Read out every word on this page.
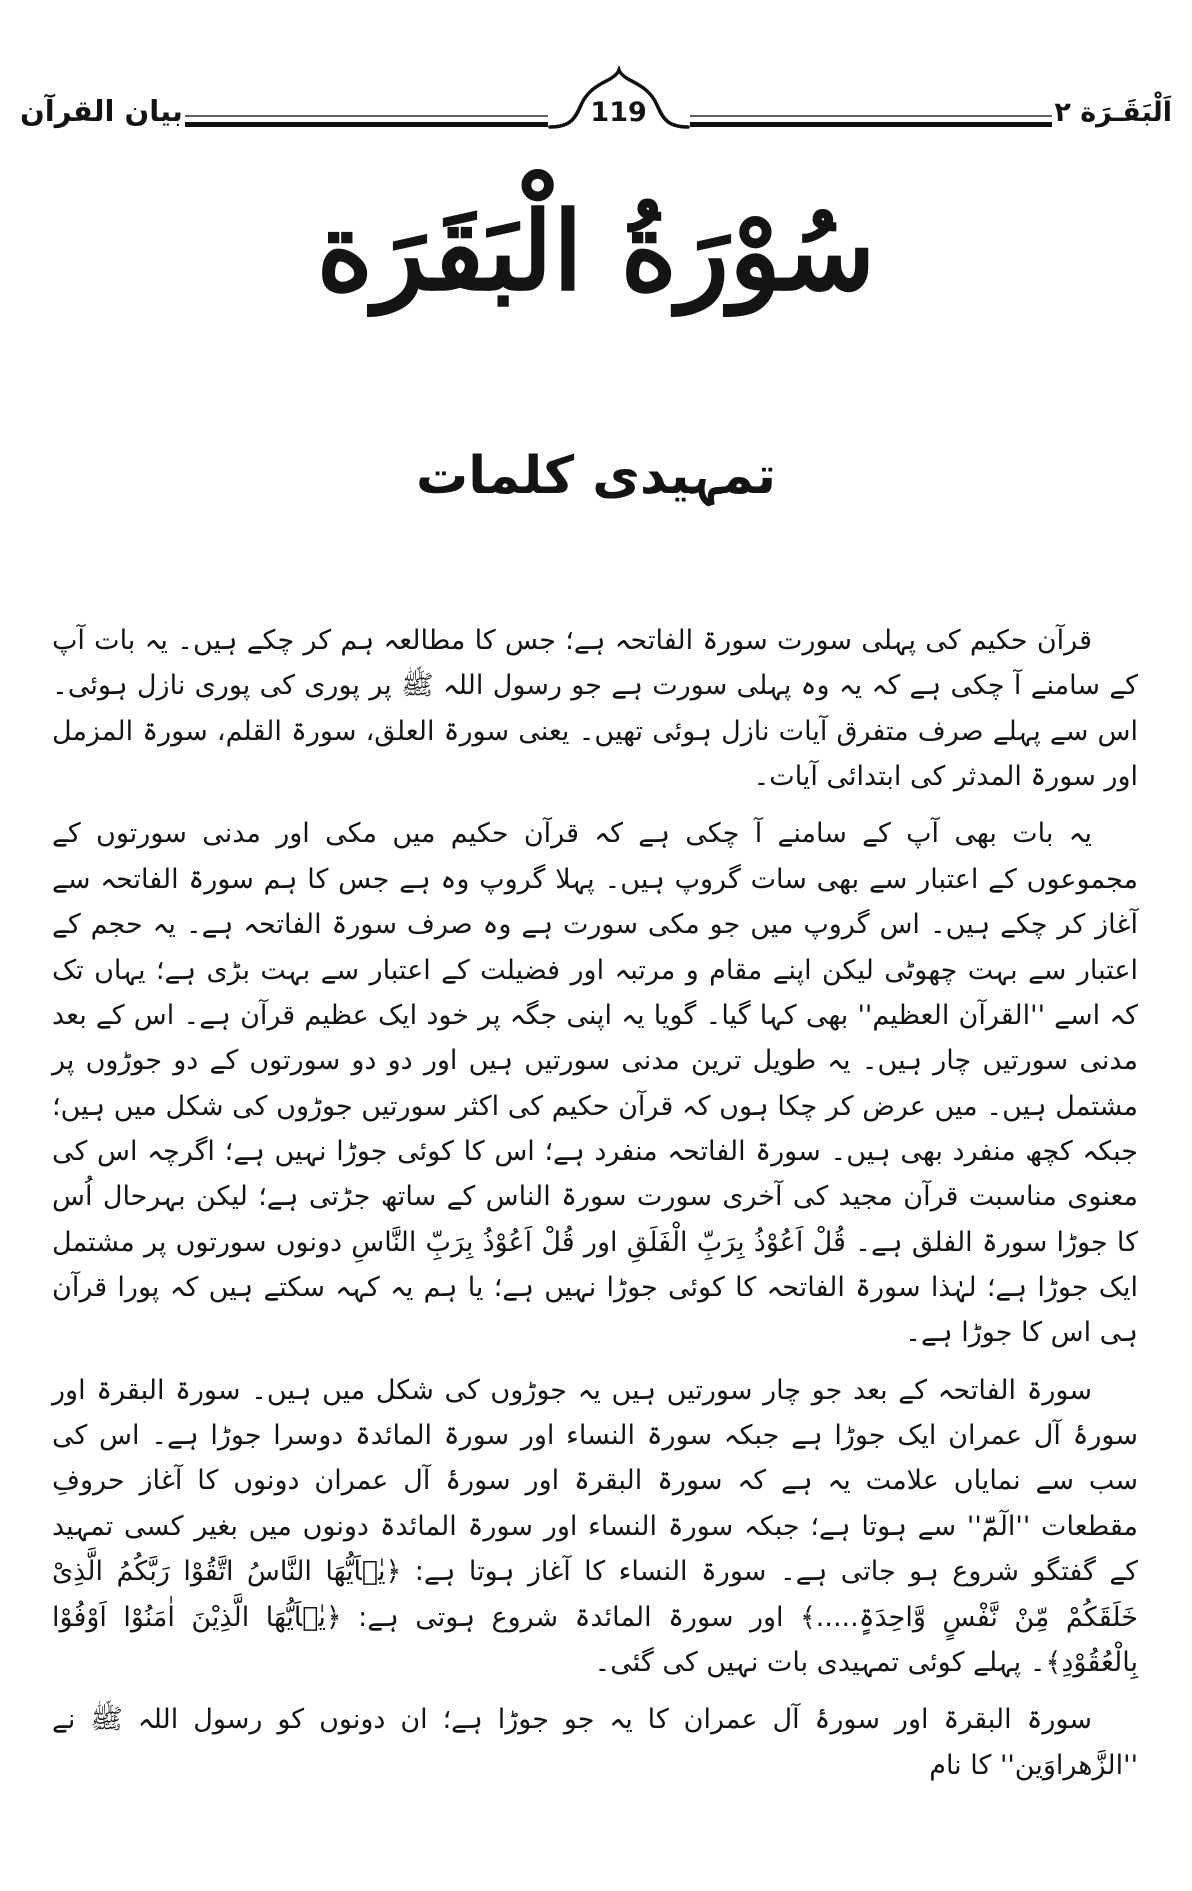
بیان القرآن	119	اَلْبَقَـرَة ٢
سُوْرَةُ الْبَقَرَة
تمہیدی کلمات

قرآن حکیم کی پہلی سورت سورۃ الفاتحہ ہے؛ جس کا مطالعہ ہم کر چکے ہیں۔ یہ بات آپ کے سامنے آ چکی ہے کہ یہ وہ پہلی سورت ہے جو رسول اللہ ﷺ پر پوری کی پوری نازل ہوئی۔ اس سے پہلے صرف متفرق آیات نازل ہوئی تھیں۔ یعنی سورۃ العلق، سورۃ القلم، سورۃ المزمل اور سورۃ المدثر کی ابتدائی آیات۔

یہ بات بھی آپ کے سامنے آ چکی ہے کہ قرآن حکیم میں مکی اور مدنی سورتوں کے مجموعوں کے اعتبار سے بھی سات گروپ ہیں۔ پہلا گروپ وہ ہے جس کا ہم سورۃ الفاتحہ سے آغاز کر چکے ہیں۔ اس گروپ میں جو مکی سورت ہے وہ صرف سورۃ الفاتحہ ہے۔ یہ حجم کے اعتبار سے بہت چھوٹی لیکن اپنے مقام و مرتبہ اور فضیلت کے اعتبار سے بہت بڑی ہے؛ یہاں تک کہ اسے ''القرآن العظیم'' بھی کہا گیا۔ گویا یہ اپنی جگہ پر خود ایک عظیم قرآن ہے۔ اس کے بعد مدنی سورتیں چار ہیں۔ یہ طویل ترین مدنی سورتیں ہیں اور دو دو سورتوں کے دو جوڑوں پر مشتمل ہیں۔ میں عرض کر چکا ہوں کہ قرآن حکیم کی اکثر سورتیں جوڑوں کی شکل میں ہیں؛ جبکہ کچھ منفرد بھی ہیں۔ سورۃ الفاتحہ منفرد ہے؛ اس کا کوئی جوڑا نہیں ہے؛ اگرچہ اس کی معنوی مناسبت قرآن مجید کی آخری سورت سورۃ الناس کے ساتھ جڑتی ہے؛ لیکن بہرحال اُس کا جوڑا سورۃ الفلق ہے۔ قُلْ اَعُوْذُ بِرَبِّ الْفَلَقِ اور قُلْ اَعُوْذُ بِرَبِّ النَّاسِ دونوں سورتوں پر مشتمل ایک جوڑا ہے؛ لہٰذا سورۃ الفاتحہ کا کوئی جوڑا نہیں ہے؛ یا ہم یہ کہہ سکتے ہیں کہ پورا قرآن ہی اس کا جوڑا ہے۔

سورۃ الفاتحہ کے بعد جو چار سورتیں ہیں یہ جوڑوں کی شکل میں ہیں۔ سورۃ البقرۃ اور سورۂ آل عمران ایک جوڑا ہے جبکہ سورۃ النساء اور سورۃ المائدۃ دوسرا جوڑا ہے۔ اس کی سب سے نمایاں علامت یہ ہے کہ سورۃ البقرۃ اور سورۂ آل عمران دونوں کا آغاز حروفِ مقطعات ''الٓمّٓ'' سے ہوتا ہے؛ جبکہ سورۃ النساء اور سورۃ المائدۃ دونوں میں بغیر کسی تمہید کے گفتگو شروع ہو جاتی ہے۔ سورۃ النساء کا آغاز ہوتا ہے: ﴿یٰۤاَیُّھَا النَّاسُ اتَّقُوْا رَبَّکُمُ الَّذِیْ خَلَقَکُمْ مِّنْ نَّفْسٍ وَّاحِدَۃٍ.....﴾ اور سورۃ المائدۃ شروع ہوتی ہے: ﴿یٰۤاَیُّھَا الَّذِیْنَ اٰمَنُوْا اَوْفُوْا بِالْعُقُوْدِ﴾۔ پہلے کوئی تمہیدی بات نہیں کی گئی۔

سورۃ البقرۃ اور سورۂ آل عمران کا یہ جو جوڑا ہے؛ ان دونوں کو رسول اللہ ﷺ نے ''الزَّھراوَین'' کا نام
